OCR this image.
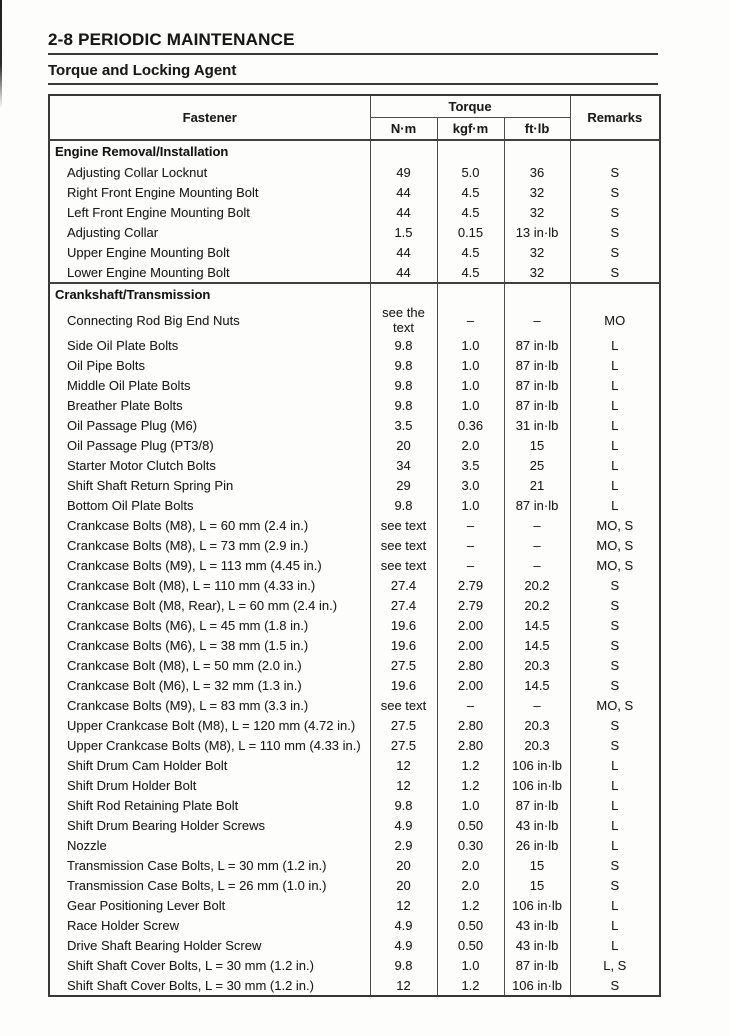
2-8 PERIODIC MAINTENANCE
Torque and Locking Agent
Fastener	Torque			Remarks
	N·m	kgf·m	ft·lb	
Engine Removal/Installation				
Adjusting Collar Locknut	49	5.0	36	S
Right Front Engine Mounting Bolt	44	4.5	32	S
Left Front Engine Mounting Bolt	44	4.5	32	S
Adjusting Collar	1.5	0.15	13 in·lb	S
Upper Engine Mounting Bolt	44	4.5	32	S
Lower Engine Mounting Bolt	44	4.5	32	S
Crankshaft/Transmission				
Connecting Rod Big End Nuts	see the text	–	–	MO
Side Oil Plate Bolts	9.8	1.0	87 in·lb	L
Oil Pipe Bolts	9.8	1.0	87 in·lb	L
Middle Oil Plate Bolts	9.8	1.0	87 in·lb	L
Breather Plate Bolts	9.8	1.0	87 in·lb	L
Oil Passage Plug (M6)	3.5	0.36	31 in·lb	L
Oil Passage Plug (PT3/8)	20	2.0	15	L
Starter Motor Clutch Bolts	34	3.5	25	L
Shift Shaft Return Spring Pin	29	3.0	21	L
Bottom Oil Plate Bolts	9.8	1.0	87 in·lb	L
Crankcase Bolts (M8), L = 60 mm (2.4 in.)	see text	–	–	MO, S
Crankcase Bolts (M8), L = 73 mm (2.9 in.)	see text	–	–	MO, S
Crankcase Bolts (M9), L = 113 mm (4.45 in.)	see text	–	–	MO, S
Crankcase Bolt (M8), L = 110 mm (4.33 in.)	27.4	2.79	20.2	S
Crankcase Bolt (M8, Rear), L = 60 mm (2.4 in.)	27.4	2.79	20.2	S
Crankcase Bolts (M6), L = 45 mm (1.8 in.)	19.6	2.00	14.5	S
Crankcase Bolts (M6), L = 38 mm (1.5 in.)	19.6	2.00	14.5	S
Crankcase Bolt (M8), L = 50 mm (2.0 in.)	27.5	2.80	20.3	S
Crankcase Bolt (M6), L = 32 mm (1.3 in.)	19.6	2.00	14.5	S
Crankcase Bolts (M9), L = 83 mm (3.3 in.)	see text	–	–	MO, S
Upper Crankcase Bolt (M8), L = 120 mm (4.72 in.)	27.5	2.80	20.3	S
Upper Crankcase Bolts (M8), L = 110 mm (4.33 in.)	27.5	2.80	20.3	S
Shift Drum Cam Holder Bolt	12	1.2	106 in·lb	L
Shift Drum Holder Bolt	12	1.2	106 in·lb	L
Shift Rod Retaining Plate Bolt	9.8	1.0	87 in·lb	L
Shift Drum Bearing Holder Screws	4.9	0.50	43 in·lb	L
Nozzle	2.9	0.30	26 in·lb	L
Transmission Case Bolts, L = 30 mm (1.2 in.)	20	2.0	15	S
Transmission Case Bolts, L = 26 mm (1.0 in.)	20	2.0	15	S
Gear Positioning Lever Bolt	12	1.2	106 in·lb	L
Race Holder Screw	4.9	0.50	43 in·lb	L
Drive Shaft Bearing Holder Screw	4.9	0.50	43 in·lb	L
Shift Shaft Cover Bolts, L = 30 mm (1.2 in.)	9.8	1.0	87 in·lb	L, S
Shift Shaft Cover Bolts, L = 30 mm (1.2 in.)	12	1.2	106 in·lb	S
